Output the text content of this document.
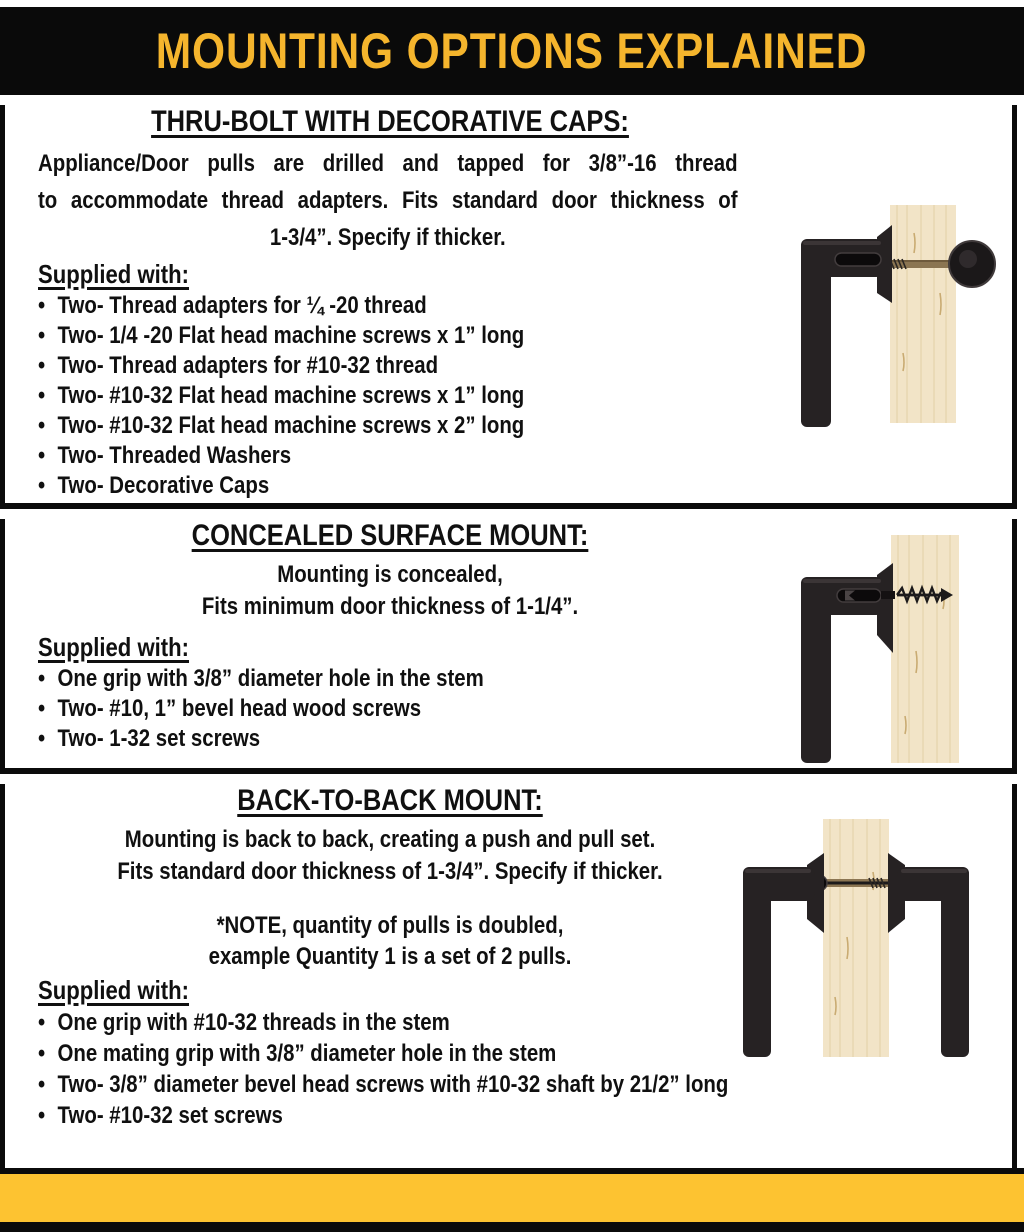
MOUNTING OPTIONS EXPLAINED
THRU-BOLT WITH DECORATIVE CAPS:
Appliance/Door pulls are drilled and tapped for 3/8”-16 thread
to accommodate thread adapters. Fits standard door thickness of
1-3/4”. Specify if thicker.
Supplied with:
• Two- Thread adapters for ¼ -20 thread
• Two- 1/4 -20 Flat head machine screws x 1” long
• Two- Thread adapters for #10-32 thread
• Two- #10-32 Flat head machine screws x 1” long
• Two- #10-32 Flat head machine screws x 2” long
• Two- Threaded Washers
• Two- Decorative Caps
CONCEALED SURFACE MOUNT:
Mounting is concealed,
Fits minimum door thickness of 1-1/4”.
Supplied with:
• One grip with 3/8” diameter hole in the stem
• Two- #10, 1” bevel head wood screws
• Two- 1-32 set screws
BACK-TO-BACK MOUNT:
Mounting is back to back, creating a push and pull set.
Fits standard door thickness of 1-3/4”. Specify if thicker.
*NOTE, quantity of pulls is doubled,
example Quantity 1 is a set of 2 pulls.
Supplied with:
• One grip with #10-32 threads in the stem
• One mating grip with 3/8” diameter hole in the stem
• Two- 3/8” diameter bevel head screws with #10-32 shaft by 21/2” long
• Two- #10-32 set screws
